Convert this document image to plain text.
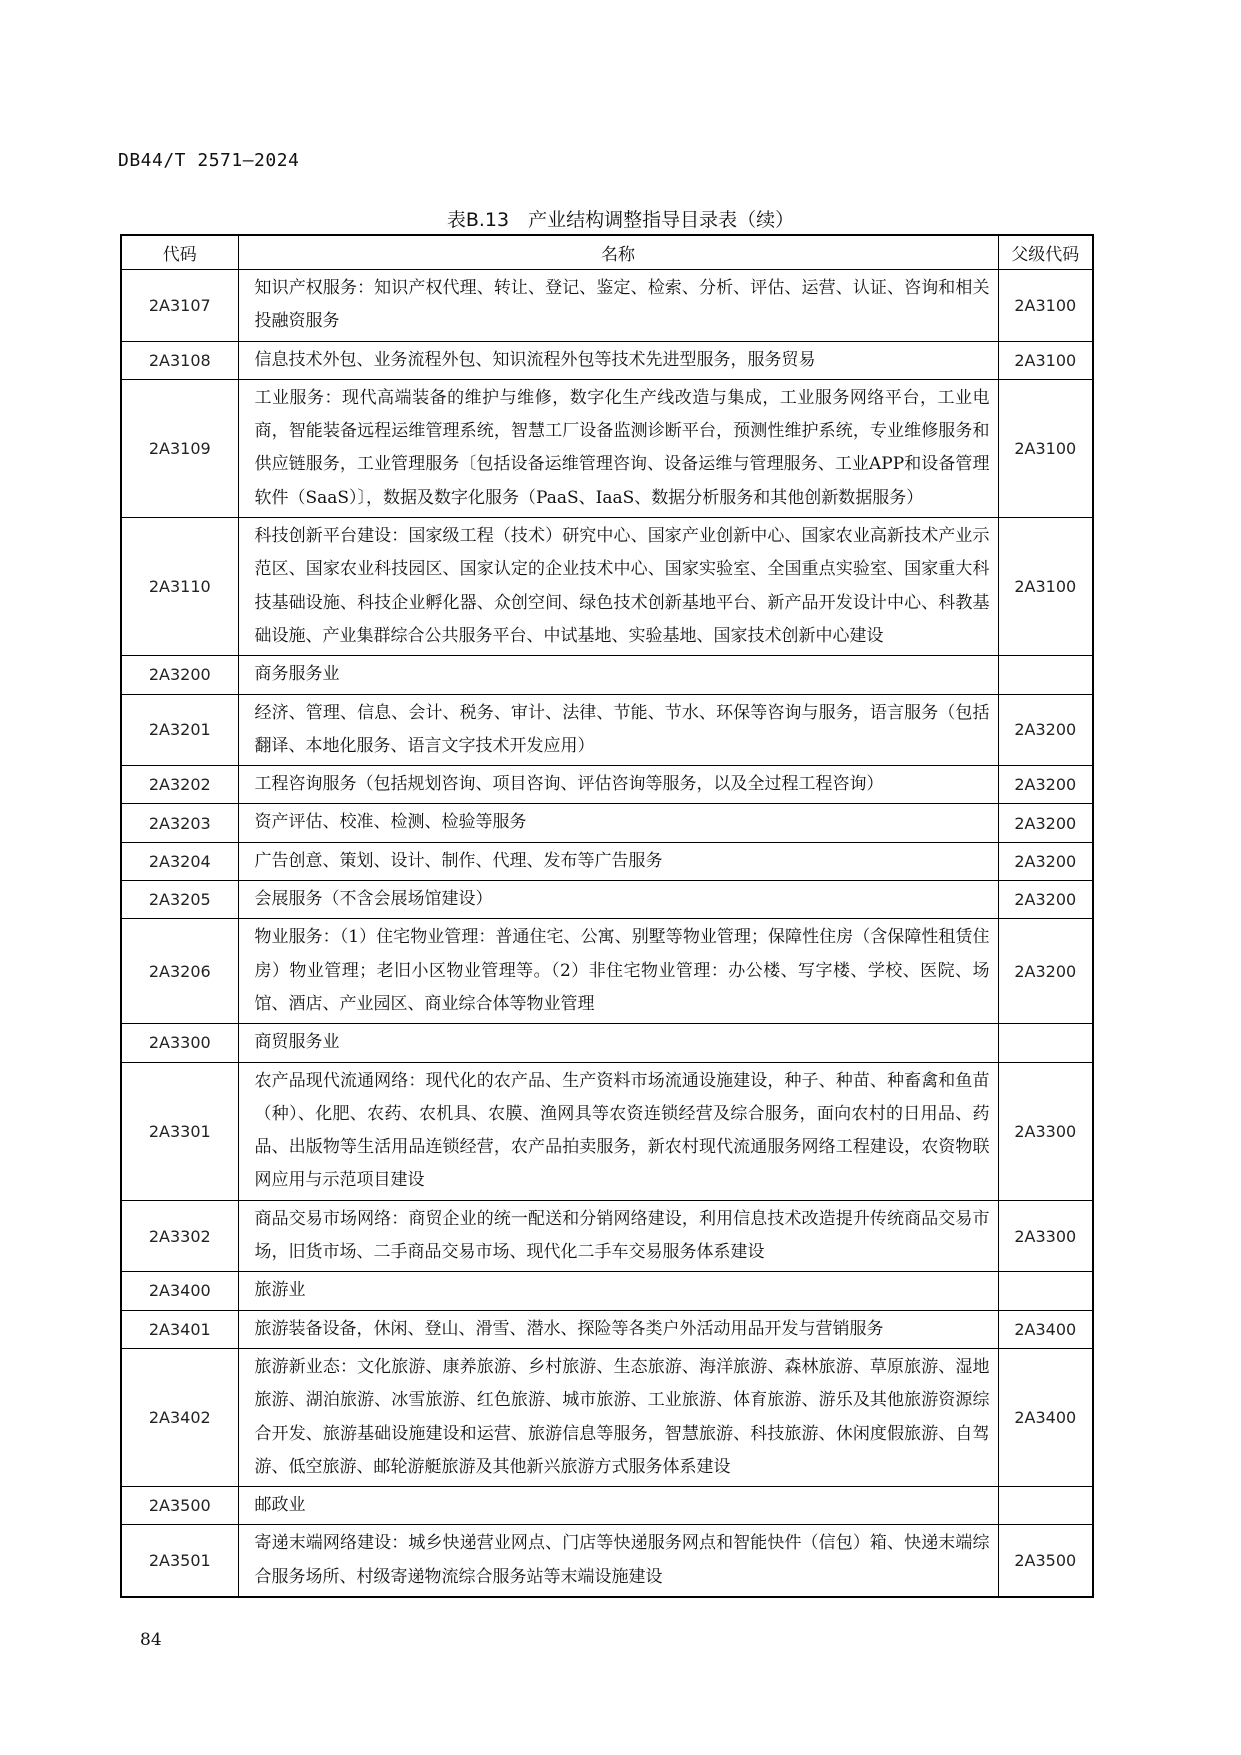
DB44/T 2571—2024
表B.13　产业结构调整指导目录表（续）
代码	名称	父级代码
2A3107	知识产权服务：知识产权代理、转让、登记、鉴定、检索、分析、评估、运营、认证、咨询和相关投融资服务	2A3100
2A3108	信息技术外包、业务流程外包、知识流程外包等技术先进型服务，服务贸易	2A3100
2A3109	工业服务：现代高端装备的维护与维修，数字化生产线改造与集成，工业服务网络平台，工业电商，智能装备远程运维管理系统，智慧工厂设备监测诊断平台，预测性维护系统，专业维修服务和供应链服务，工业管理服务〔包括设备运维管理咨询、设备运维与管理服务、工业APP和设备管理软件（SaaS）〕，数据及数字化服务（PaaS、IaaS、数据分析服务和其他创新数据服务）	2A3100
2A3110	科技创新平台建设：国家级工程（技术）研究中心、国家产业创新中心、国家农业高新技术产业示范区、国家农业科技园区、国家认定的企业技术中心、国家实验室、全国重点实验室、国家重大科技基础设施、科技企业孵化器、众创空间、绿色技术创新基地平台、新产品开发设计中心、科教基础设施、产业集群综合公共服务平台、中试基地、实验基地、国家技术创新中心建设	2A3100
2A3200	商务服务业	
2A3201	经济、管理、信息、会计、税务、审计、法律、节能、节水、环保等咨询与服务，语言服务（包括翻译、本地化服务、语言文字技术开发应用）	2A3200
2A3202	工程咨询服务（包括规划咨询、项目咨询、评估咨询等服务，以及全过程工程咨询）	2A3200
2A3203	资产评估、校准、检测、检验等服务	2A3200
2A3204	广告创意、策划、设计、制作、代理、发布等广告服务	2A3200
2A3205	会展服务（不含会展场馆建设）	2A3200
2A3206	物业服务：（1）住宅物业管理：普通住宅、公寓、别墅等物业管理；保障性住房（含保障性租赁住房）物业管理；老旧小区物业管理等。（2）非住宅物业管理：办公楼、写字楼、学校、医院、场馆、酒店、产业园区、商业综合体等物业管理	2A3200
2A3300	商贸服务业	
2A3301	农产品现代流通网络：现代化的农产品、生产资料市场流通设施建设，种子、种苗、种畜禽和鱼苗（种）、化肥、农药、农机具、农膜、渔网具等农资连锁经营及综合服务，面向农村的日用品、药品、出版物等生活用品连锁经营，农产品拍卖服务，新农村现代流通服务网络工程建设，农资物联网应用与示范项目建设	2A3300
2A3302	商品交易市场网络：商贸企业的统一配送和分销网络建设，利用信息技术改造提升传统商品交易市场，旧货市场、二手商品交易市场、现代化二手车交易服务体系建设	2A3300
2A3400	旅游业	
2A3401	旅游装备设备，休闲、登山、滑雪、潜水、探险等各类户外活动用品开发与营销服务	2A3400
2A3402	旅游新业态：文化旅游、康养旅游、乡村旅游、生态旅游、海洋旅游、森林旅游、草原旅游、湿地旅游、湖泊旅游、冰雪旅游、红色旅游、城市旅游、工业旅游、体育旅游、游乐及其他旅游资源综合开发、旅游基础设施建设和运营、旅游信息等服务，智慧旅游、科技旅游、休闲度假旅游、自驾游、低空旅游、邮轮游艇旅游及其他新兴旅游方式服务体系建设	2A3400
2A3500	邮政业	
2A3501	寄递末端网络建设：城乡快递营业网点、门店等快递服务网点和智能快件（信包）箱、快递末端综合服务场所、村级寄递物流综合服务站等末端设施建设	2A3500
84
